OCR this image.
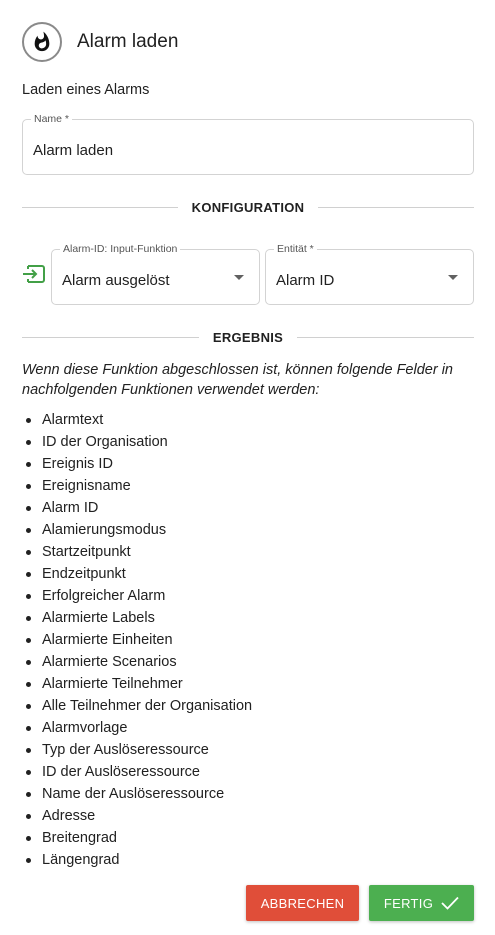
Alarm laden
Laden eines Alarms
Name *
Alarm laden
KONFIGURATION
Alarm-ID: Input-Funktion
Alarm ausgelöst
Entität *
Alarm ID
ERGEBNIS
Wenn diese Funktion abgeschlossen ist, können folgende Felder in nachfolgenden Funktionen verwendet werden:
Alarmtext
ID der Organisation
Ereignis ID
Ereignisname
Alarm ID
Alamierungsmodus
Startzeitpunkt
Endzeitpunkt
Erfolgreicher Alarm
Alarmierte Labels
Alarmierte Einheiten
Alarmierte Scenarios
Alarmierte Teilnehmer
Alle Teilnehmer der Organisation
Alarmvorlage
Typ der Auslöseressource
ID der Auslöseressource
Name der Auslöseressource
Adresse
Breitengrad
Längengrad
ABBRECHEN	FERTIG
